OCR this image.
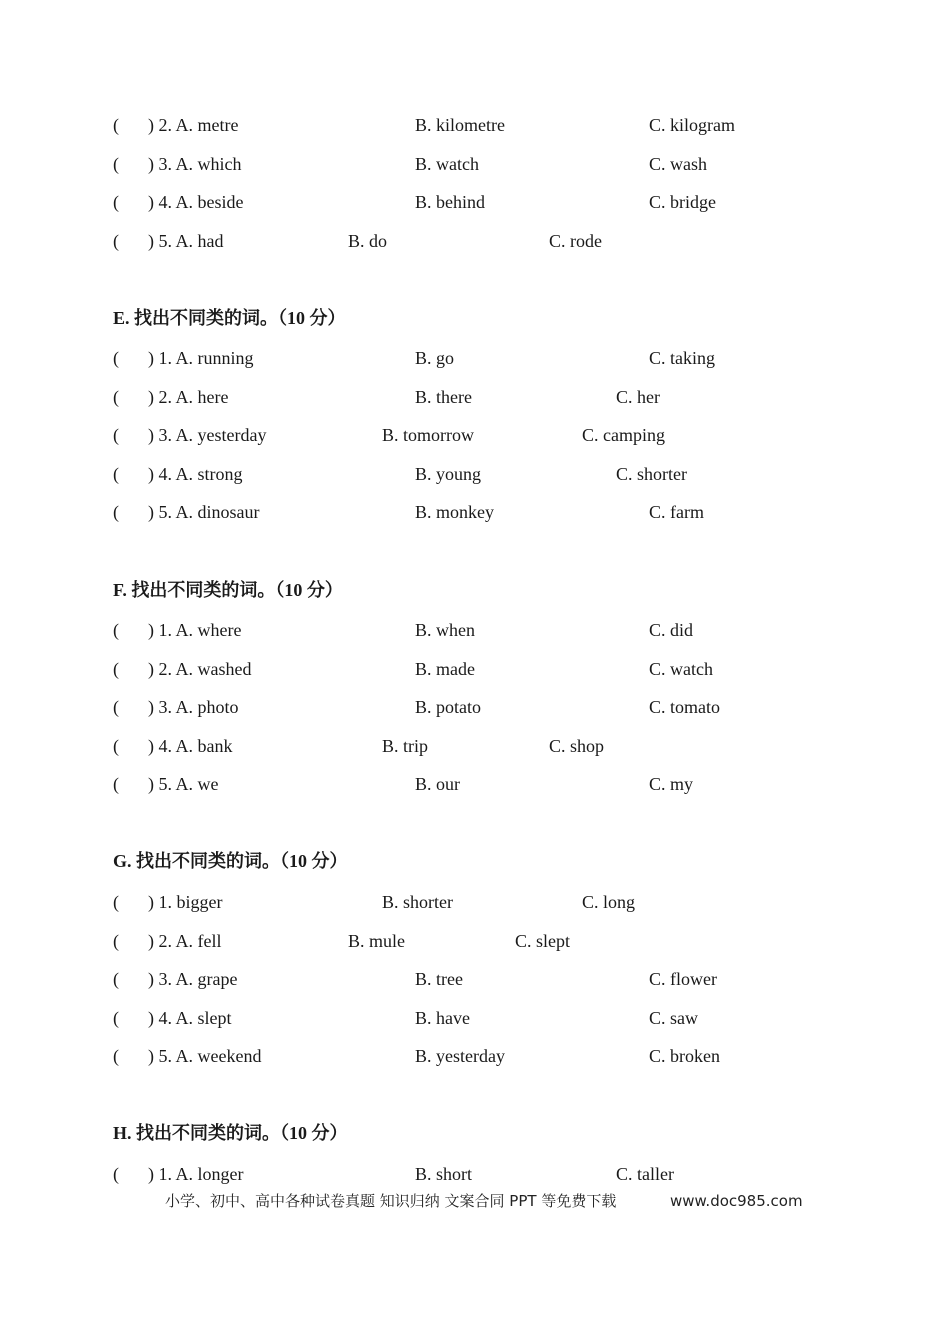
( ) 2. A. metre	B. kilometre	C. kilogram
( ) 3. A. which	B. watch	C. wash
( ) 4. A. beside	B. behind	C. bridge
( ) 5. A. had	B. do	C. rode
E. 找出不同类的词。（10 分）
( ) 1. A. running	B. go	C. taking
( ) 2. A. here	B. there	C. her
( ) 3. A. yesterday	B. tomorrow	C. camping
( ) 4. A. strong	B. young	C. shorter
( ) 5. A. dinosaur	B. monkey	C. farm
F. 找出不同类的词。（10 分）
( ) 1. A. where	B. when	C. did
( ) 2. A. washed	B. made	C. watch
( ) 3. A. photo	B. potato	C. tomato
( ) 4. A. bank	B. trip	C. shop
( ) 5. A. we	B. our	C. my
G. 找出不同类的词。（10 分）
( ) 1. bigger	B. shorter	C. long
( ) 2. A. fell	B. mule	C. slept
( ) 3. A. grape	B. tree	C. flower
( ) 4. A. slept	B. have	C. saw
( ) 5. A. weekend	B. yesterday	C. broken
H. 找出不同类的词。（10 分）
( ) 1. A. longer	B. short	C. taller
小学、初中、高中各种试卷真题 知识归纳 文案合同 PPT 等免费下载	www.doc985.com
